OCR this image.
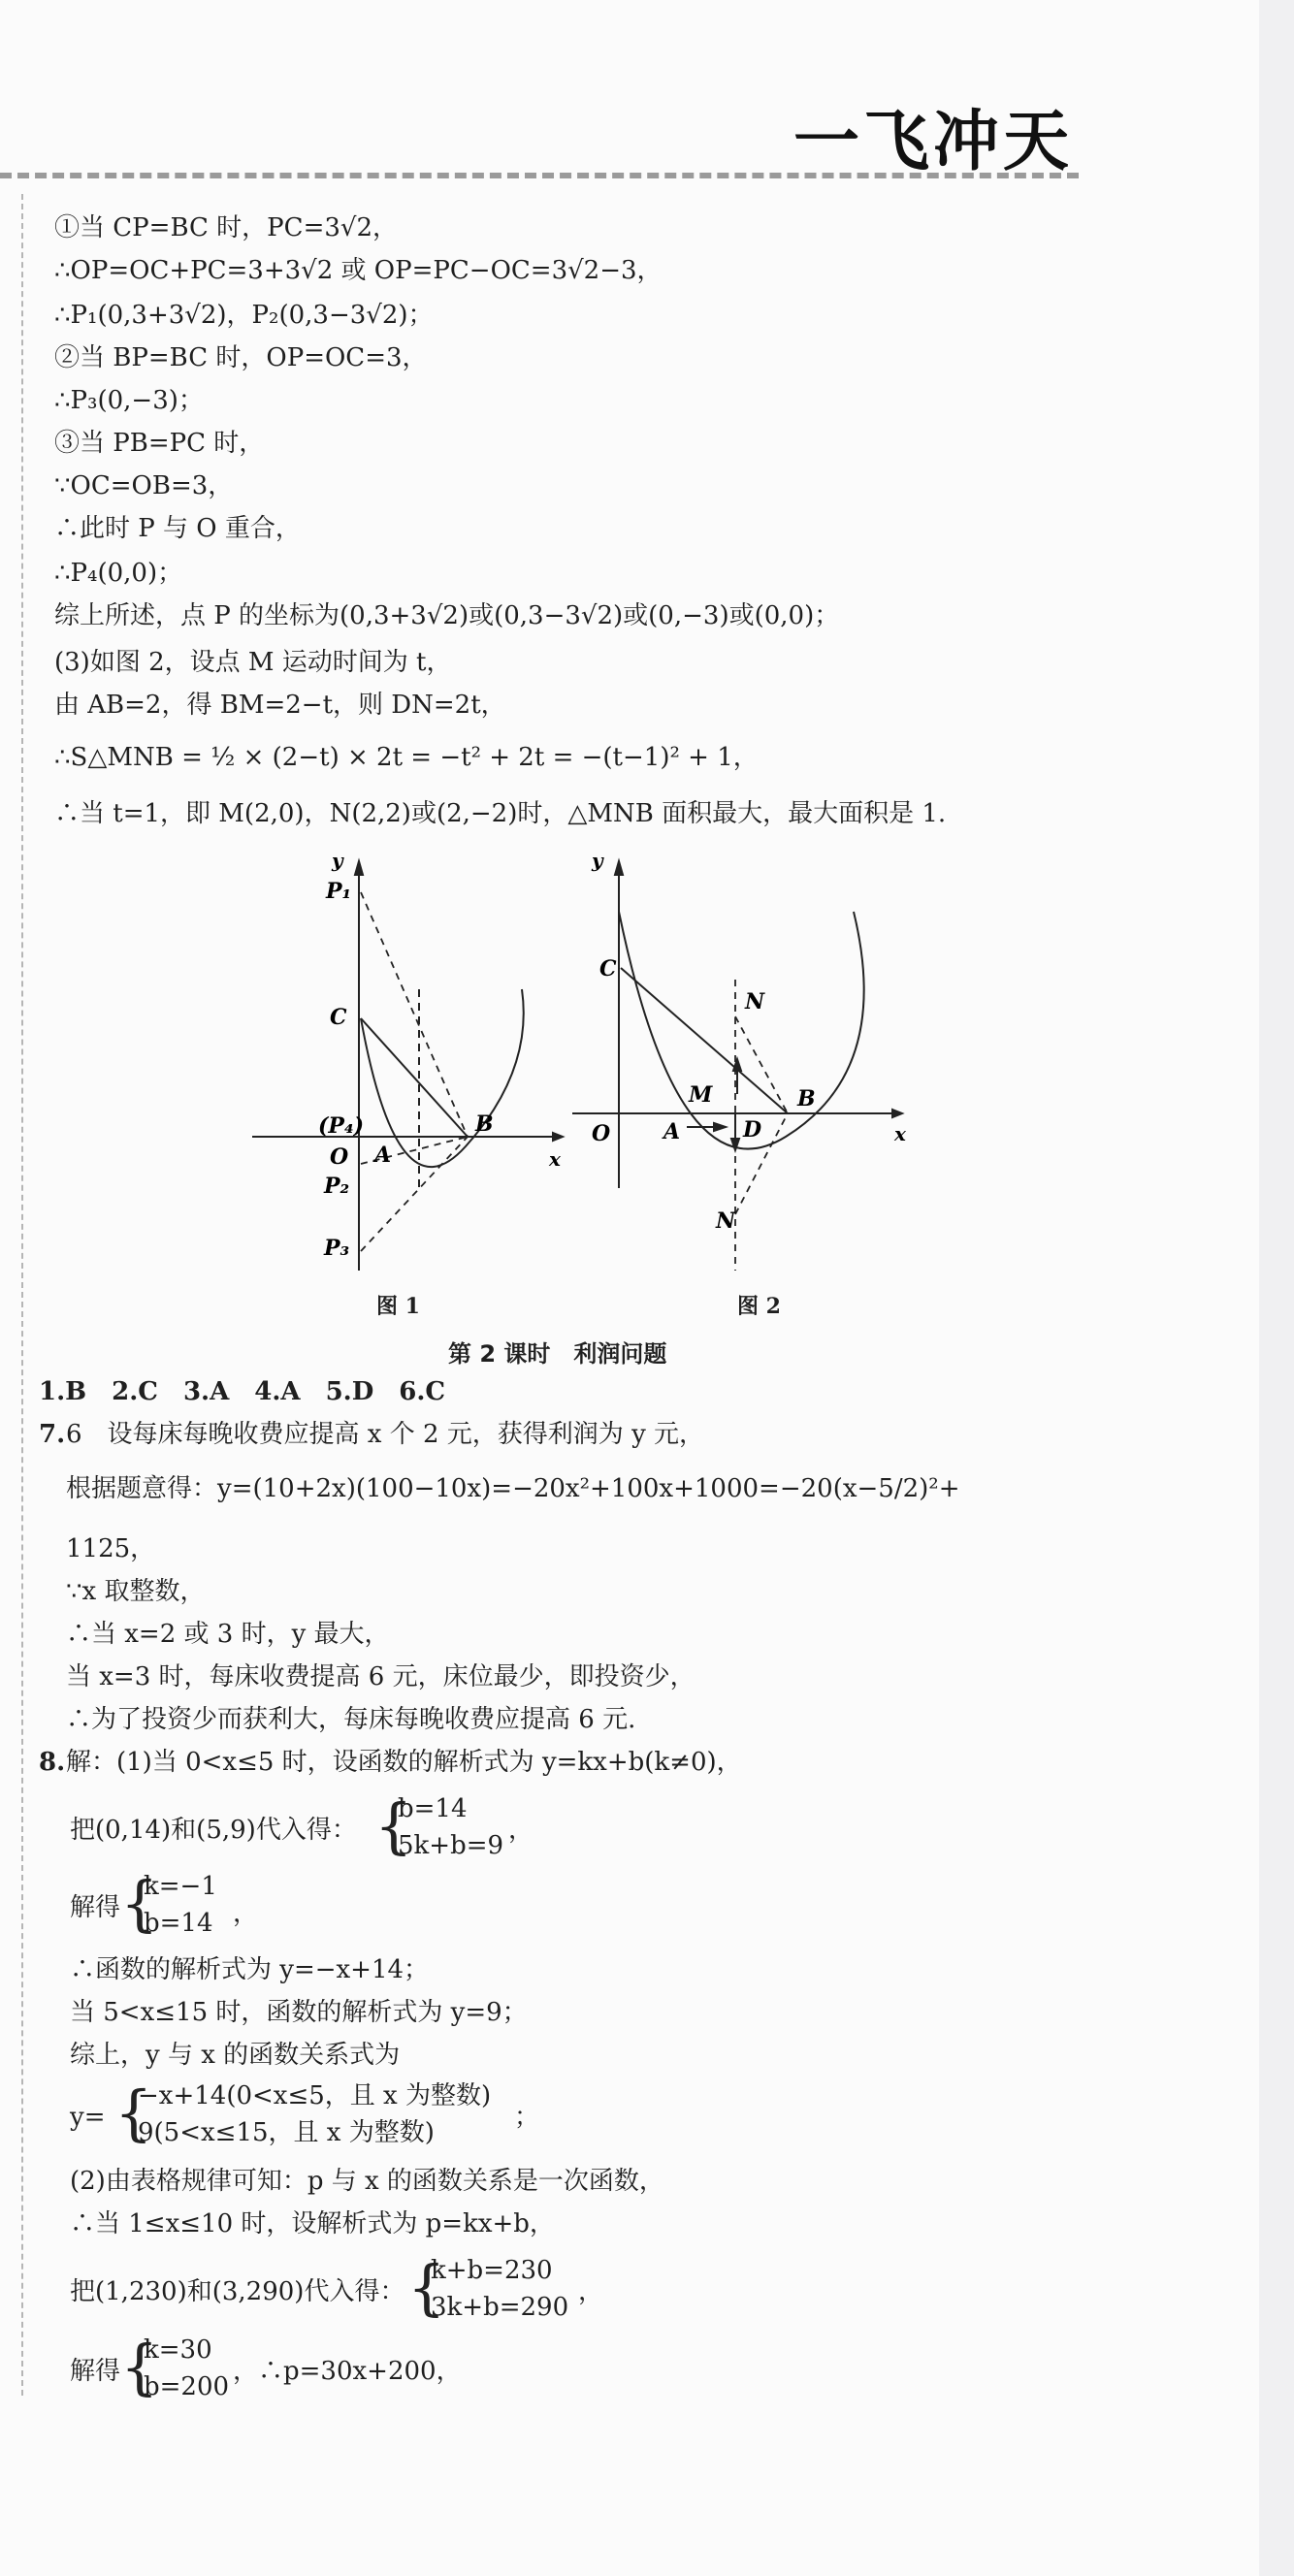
一飞冲天
①当 CP=BC 时，PC=3√2，
∴OP=OC+PC=3+3√2 或 OP=PC−OC=3√2−3，
∴P₁(0,3+3√2)，P₂(0,3−3√2)；
②当 BP=BC 时，OP=OC=3，
∴P₃(0,−3)；
③当 PB=PC 时，
∵OC=OB=3，
∴此时 P 与 O 重合，
∴P₄(0,0)；
综上所述，点 P 的坐标为(0,3+3√2)或(0,3−3√2)或(0,−3)或(0,0)；
(3)如图 2，设点 M 运动时间为 t，
由 AB=2，得 BM=2−t，则 DN=2t，
∴S△MNB = ½ × (2−t) × 2t = −t² + 2t = −(t−1)² + 1，
∴当 t=1，即 M(2,0)，N(2,2)或(2,−2)时，△MNB 面积最大，最大面积是 1.
y
x
O A
B
C
P₁
P₂
P₃
(P₄)
图 1
y
x
O A
B
C
D
M
N
N
图 2
第 2 课时　利润问题
1.B　2.C　3.A　4.A　5.D　6.C
7. 6　设每床每晚收费应提高 x 个 2 元，获得利润为 y 元，
根据题意得：y=(10+2x)(100−10x)=−20x²+100x+1000=−20(x−5/2)²+
1125，
∵x 取整数，
∴当 x=2 或 3 时，y 最大，
当 x=3 时，每床收费提高 6 元，床位最少，即投资少，
∴为了投资少而获利大，每床每晚收费应提高 6 元.
8. 解：(1)当 0<x≤5 时，设函数的解析式为 y=kx+b(k≠0)，
把(0,14)和(5,9)代入得： {
b=14
5k+b=9
，
解得 {
k=−1
b=14 ，
∴函数的解析式为 y=−x+14；
当 5<x≤15 时，函数的解析式为 y=9；
综上，y 与 x 的函数关系式为
y= {
−x+14(0<x≤5，且 x 为整数)
9(5<x≤15，且 x 为整数)
；
(2)由表格规律可知：p 与 x 的函数关系是一次函数，
∴当 1≤x≤10 时，设解析式为 p=kx+b，
把(1,230)和(3,290)代入得： {
k+b=230
3k+b=290
，
解得 {
k=30
b=200
，∴p=30x+200，
